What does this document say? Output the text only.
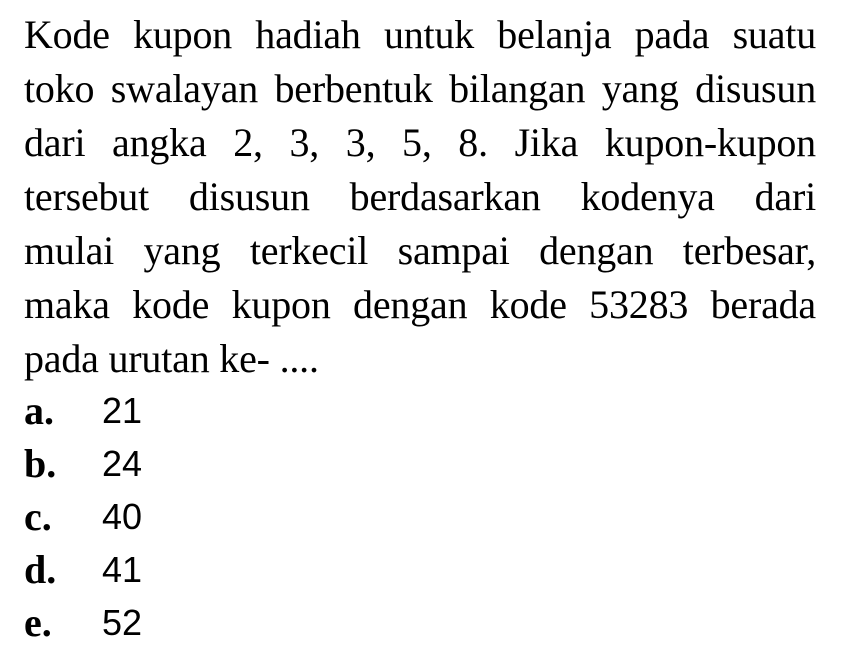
Kode kupon hadiah untuk belanja pada suatu
toko swalayan berbentuk bilangan yang disusun
dari angka 2, 3, 3, 5, 8. Jika kupon-kupon
tersebut disusun berdasarkan kodenya dari
mulai yang terkecil sampai dengan terbesar,
maka kode kupon dengan kode 53283 berada
pada urutan ke- ....
a.	21
b.	24
c.	40
d.	41
e.	52
